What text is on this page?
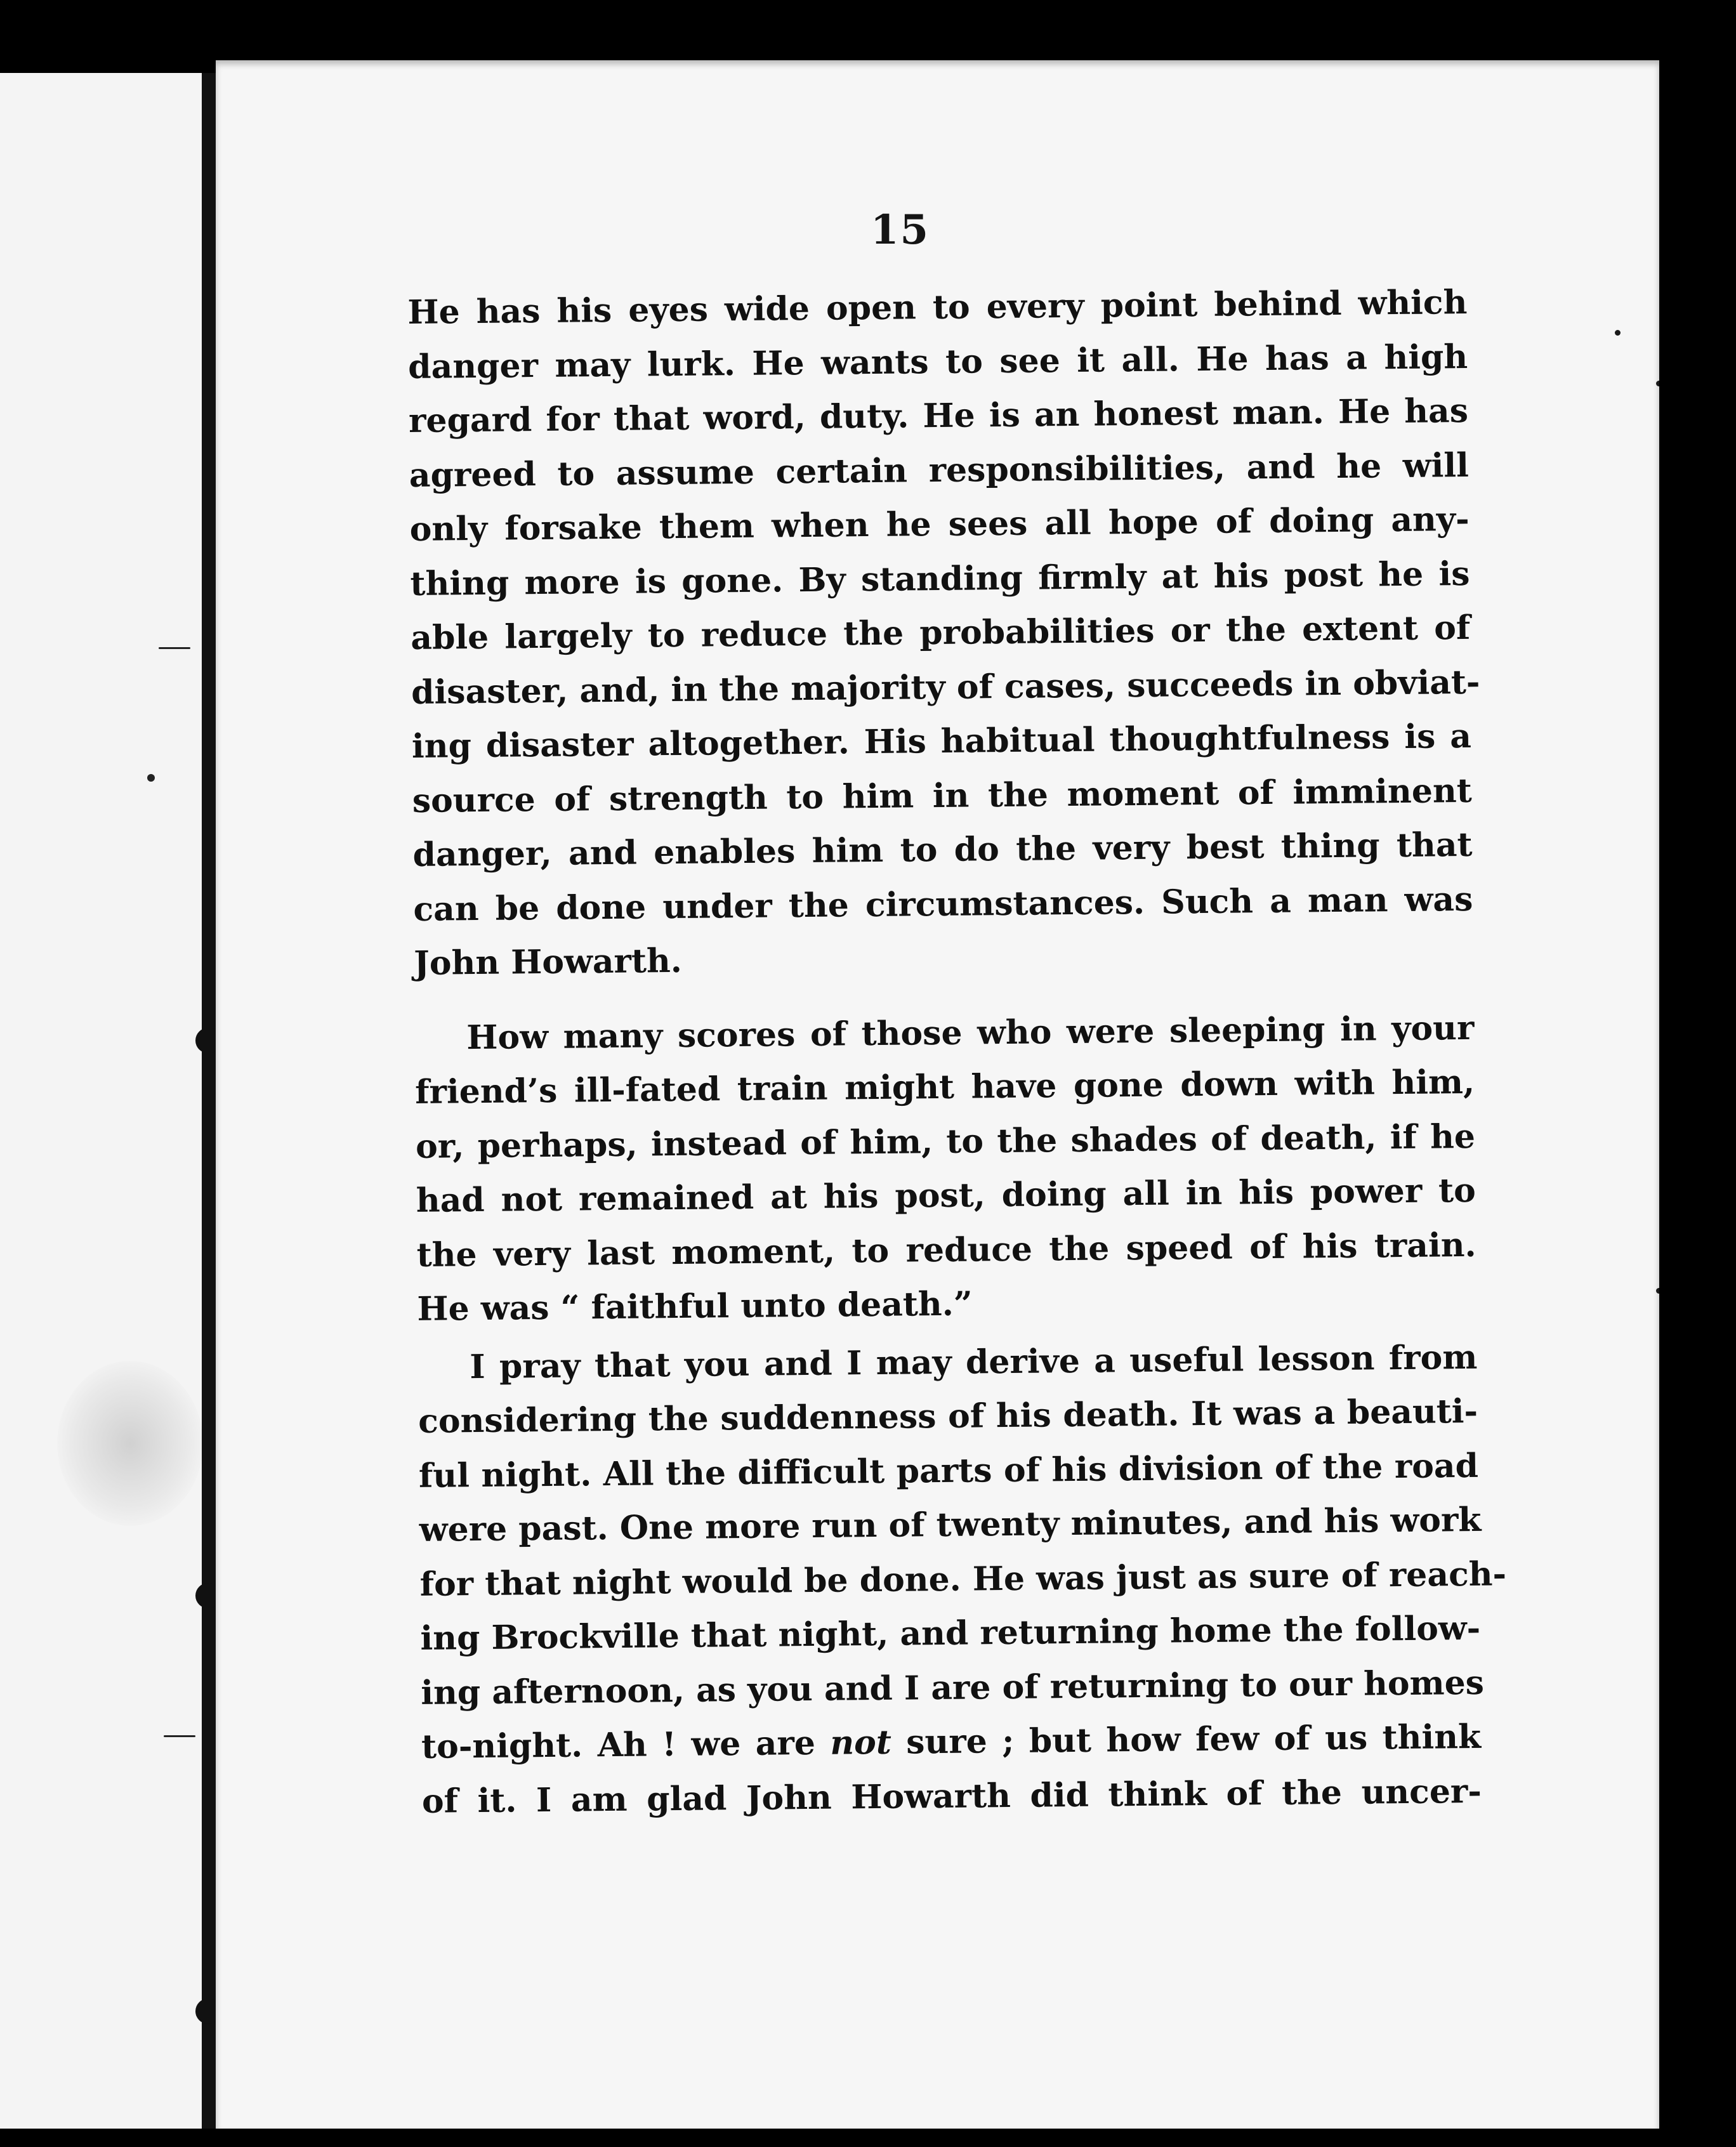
15
He has his eyes wide open to every point behind which
danger may lurk. He wants to see it all. He has a high
regard for that word, duty. He is an honest man. He has
agreed to assume certain responsibilities, and he will
only forsake them when he sees all hope of doing any-
thing more is gone. By standing firmly at his post he is
able largely to reduce the probabilities or the extent of
disaster, and, in the majority of cases, succeeds in obviat-
ing disaster altogether. His habitual thoughtfulness is a
source of strength to him in the moment of imminent
danger, and enables him to do the very best thing that
can be done under the circumstances. Such a man was
John Howarth.
How many scores of those who were sleeping in your
friend’s ill-fated train might have gone down with him,
or, perhaps, instead of him, to the shades of death, if he
had not remained at his post, doing all in his power to
the very last moment, to reduce the speed of his train.
He was “ faithful unto death.”
I pray that you and I may derive a useful lesson from
considering the suddenness of his death. It was a beauti-
ful night. All the difficult parts of his division of the road
were past. One more run of twenty minutes, and his work
for that night would be done. He was just as sure of reach-
ing Brockville that night, and returning home the follow-
ing afternoon, as you and I are of returning to our homes
to-night. Ah ! we are not sure ; but how few of us think
of it. I am glad John Howarth did think of the uncer-
